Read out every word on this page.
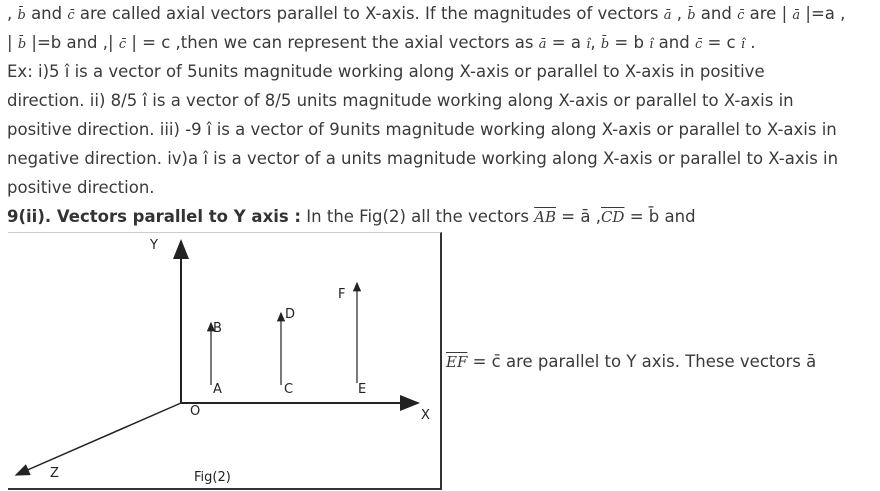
, b̄ and c̄ are called axial vectors parallel to X-axis. If the magnitudes of vectors ā , b̄ and c̄ are | ā |=a ,
| b̄ |=b and ,| c̄ | = c ,then we can represent the axial vectors as ā = a î, b̄ = b î and c̄ = c î .
Ex: i)5 î is a vector of 5units magnitude working along X-axis or parallel to X-axis in positive
direction. ii) 8/5 î is a vector of 8/5 units magnitude working along X-axis or parallel to X-axis in
positive direction. iii) -9 î is a vector of 9units magnitude working along X-axis or parallel to X-axis in
negative direction. iv)a î is a vector of a units magnitude working along X-axis or parallel to X-axis in
positive direction.
9(ii). Vectors parallel to Y axis : In the Fig(2) all the vectors $\overline{AB}$ = ā $,\overline{CD}$ = b̄ and
Y
X
Z
O
A
B
C
D
E
F
Fig(2)
$\overline{EF}$ = c̄ are parallel to Y axis. These vectors ā
